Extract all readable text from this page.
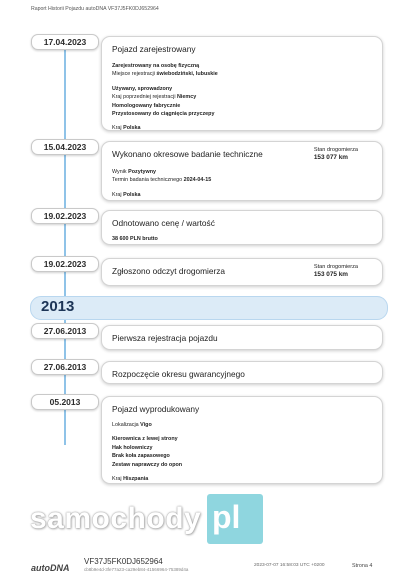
Raport Historii Pojazdu autoDNA VF37J5FK0DJ652964
17.04.2023
Pojazd zarejestrowany
Zarejestrowany na osobę fizyczną
Miejsce rejestracji świebodziński, lubuskie
Używany, sprowadzony
Kraj poprzedniej rejestracji Niemcy
Homologowany fabrycznie
Przystosowany do ciągnięcia przyczepy
Kraj Polska
15.04.2023
Wykonano okresowe badanie techniczne	Stan drogomierza
153 077 km
Wynik Pozytywny
Termin badania technicznego 2024-04-15
Kraj Polska
19.02.2023
Odnotowano cenę / wartość
38 600 PLN brutto
19.02.2023
Zgłoszono odczyt drogomierza	Stan drogomierza
153 075 km
27.06.2013
Pierwsza rejestracja pojazdu
27.06.2013
Rozpoczęcie okresu gwarancyjnego
05.2013
Pojazd wyprodukowany
Lokalizacja Vigo
Kierownica z lewej strony
Hak holowniczy
Brak koła zapasowego
Zestaw naprawczy do opon
Kraj Hiszpania
2013
samochody pl
autoDNA
VF37J5FK0DJ652964
cb8b9e4d-3fe77a23-ca29eb84-41566964-75389d4a
2023-07-07 16:58:03 UTC +0200	Strona 4
